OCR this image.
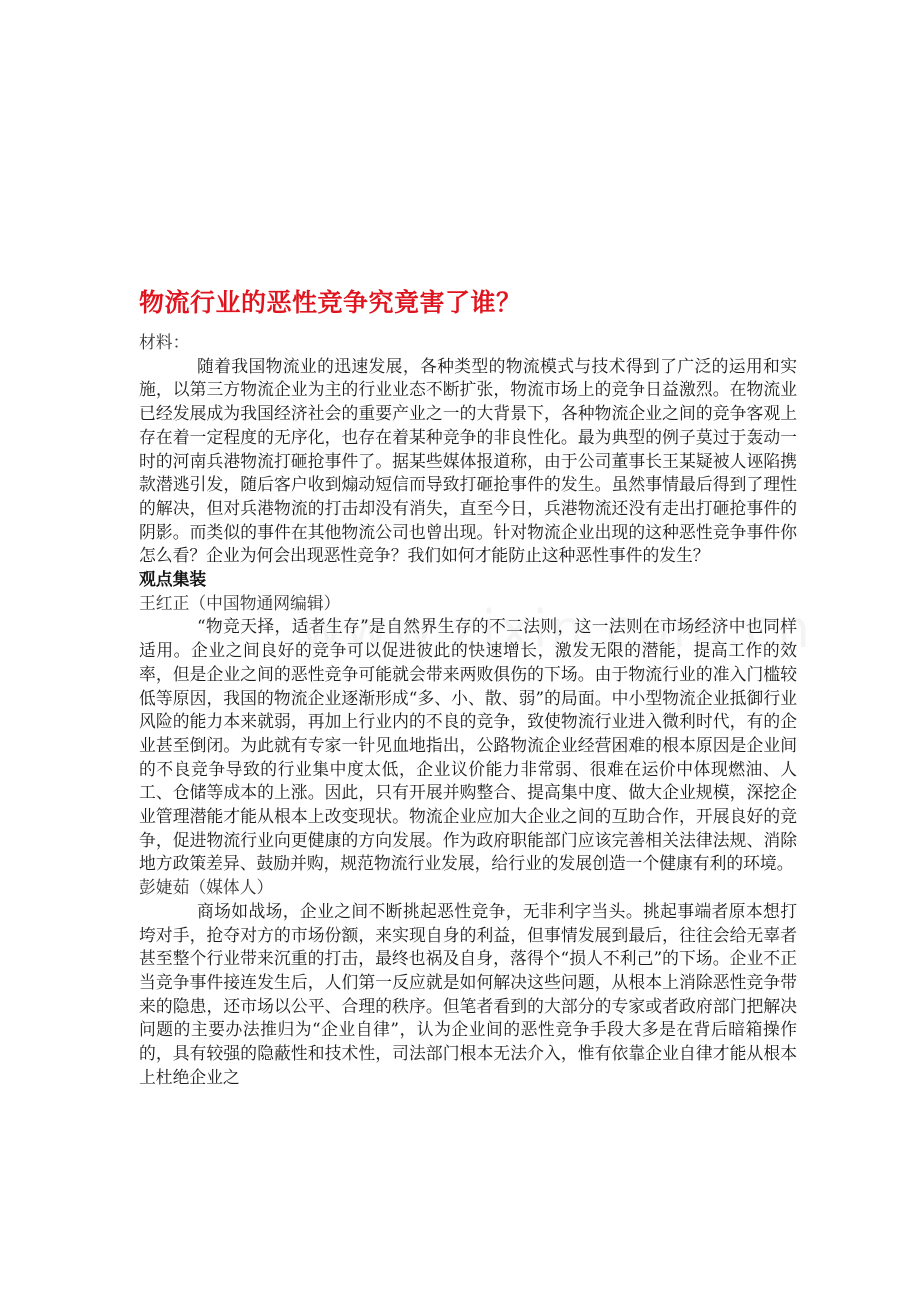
物流行业的恶性竞争究竟害了谁？

材料：

随着我国物流业的迅速发展，各种类型的物流模式与技术得到了广泛的运用和实施，以第三方物流企业为主的行业业态不断扩张，物流市场上的竞争日益激烈。在物流业已经发展成为我国经济社会的重要产业之一的大背景下，各种物流企业之间的竞争客观上存在着一定程度的无序化，也存在着某种竞争的非良性化。最为典型的例子莫过于轰动一时的河南兵港物流打砸抢事件了。据某些媒体报道称，由于公司董事长王某疑被人诬陷携款潜逃引发，随后客户收到煽动短信而导致打砸抢事件的发生。虽然事情最后得到了理性的解决，但对兵港物流的打击却没有消失，直至今日，兵港物流还没有走出打砸抢事件的阴影。而类似的事件在其他物流公司也曾出现。针对物流企业出现的这种恶性竞争事件你怎么看？企业为何会出现恶性竞争？我们如何才能防止这种恶性事件的发生？

观点集装

王红正（中国物通网编辑）

“物竞天择，适者生存”是自然界生存的不二法则，这一法则在市场经济中也同样适用。企业之间良好的竞争可以促进彼此的快速增长，激发无限的潜能，提高工作的效率，但是企业之间的恶性竞争可能就会带来两败俱伤的下场。由于物流行业的准入门槛较低等原因，我国的物流企业逐渐形成“多、小、散、弱”的局面。中小型物流企业抵御行业风险的能力本来就弱，再加上行业内的不良的竞争，致使物流行业进入微利时代，有的企业甚至倒闭。为此就有专家一针见血地指出，公路物流企业经营困难的根本原因是企业间的不良竞争导致的行业集中度太低，企业议价能力非常弱、很难在运价中体现燃油、人工、仓储等成本的上涨。因此，只有开展并购整合、提高集中度、做大企业规模，深挖企业管理潜能才能从根本上改变现状。物流企业应加大企业之间的互助合作，开展良好的竞争，促进物流行业向更健康的方向发展。作为政府职能部门应该完善相关法律法规、消除地方政策差异、鼓励并购，规范物流行业发展，给行业的发展创造一个健康有利的环境。

彭婕茹（媒体人）

商场如战场，企业之间不断挑起恶性竞争，无非利字当头。挑起事端者原本想打垮对手，抢夺对方的市场份额，来实现自身的利益，但事情发展到最后，往往会给无辜者甚至整个行业带来沉重的打击，最终也祸及自身，落得个“损人不利己”的下场。企业不正当竞争事件接连发生后，人们第一反应就是如何解决这些问题，从根本上消除恶性竞争带来的隐患，还市场以公平、合理的秩序。但笔者看到的大部分的专家或者政府部门把解决问题的主要办法推归为“企业自律”，认为企业间的恶性竞争手段大多是在背后暗箱操作的，具有较强的隐蔽性和技术性，司法部门根本无法介入，惟有依靠企业自律才能从根本上杜绝企业之
